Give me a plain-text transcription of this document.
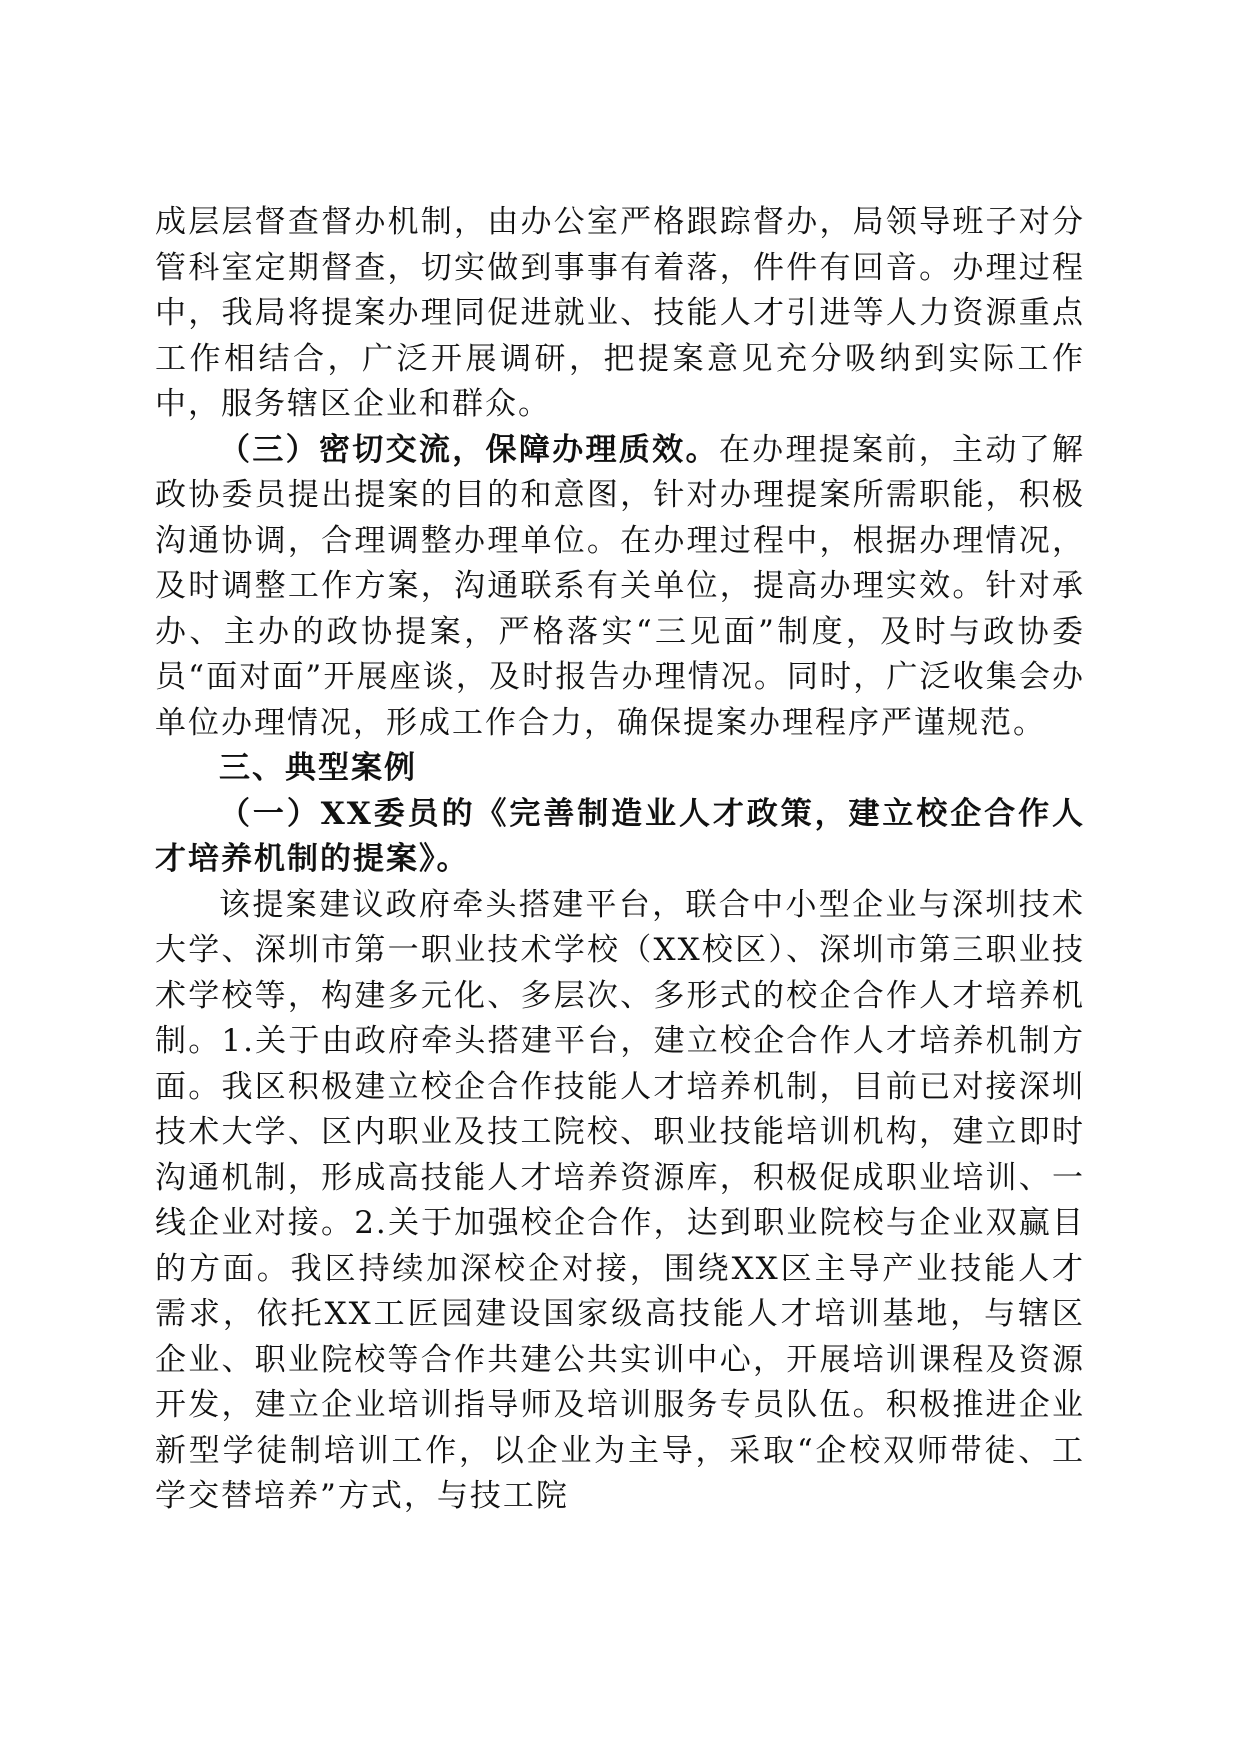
成层层督查督办机制，由办公室严格跟踪督办，局领导班子对分管科室定期督查，切实做到事事有着落，件件有回音。办理过程中，我局将提案办理同促进就业、技能人才引进等人力资源重点工作相结合，广泛开展调研，把提案意见充分吸纳到实际工作中，服务辖区企业和群众。

（三）密切交流，保障办理质效。在办理提案前，主动了解政协委员提出提案的目的和意图，针对办理提案所需职能，积极沟通协调，合理调整办理单位。在办理过程中，根据办理情况，及时调整工作方案，沟通联系有关单位，提高办理实效。针对承办、主办的政协提案，严格落实“三见面”制度，及时与政协委员“面对面”开展座谈，及时报告办理情况。同时，广泛收集会办单位办理情况，形成工作合力，确保提案办理程序严谨规范。

三、典型案例

（一）XX委员的《完善制造业人才政策，建立校企合作人才培养机制的提案》。

该提案建议政府牵头搭建平台，联合中小型企业与深圳技术大学、深圳市第一职业技术学校（XX校区）、深圳市第三职业技术学校等，构建多元化、多层次、多形式的校企合作人才培养机制。1.关于由政府牵头搭建平台，建立校企合作人才培养机制方面。我区积极建立校企合作技能人才培养机制，目前已对接深圳技术大学、区内职业及技工院校、职业技能培训机构，建立即时沟通机制，形成高技能人才培养资源库，积极促成职业培训、一线企业对接。2.关于加强校企合作，达到职业院校与企业双赢目的方面。我区持续加深校企对接，围绕XX区主导产业技能人才需求，依托XX工匠园建设国家级高技能人才培训基地，与辖区企业、职业院校等合作共建公共实训中心，开展培训课程及资源开发，建立企业培训指导师及培训服务专员队伍。积极推进企业新型学徒制培训工作，以企业为主导，采取“企校双师带徒、工学交替培养”方式，与技工院
